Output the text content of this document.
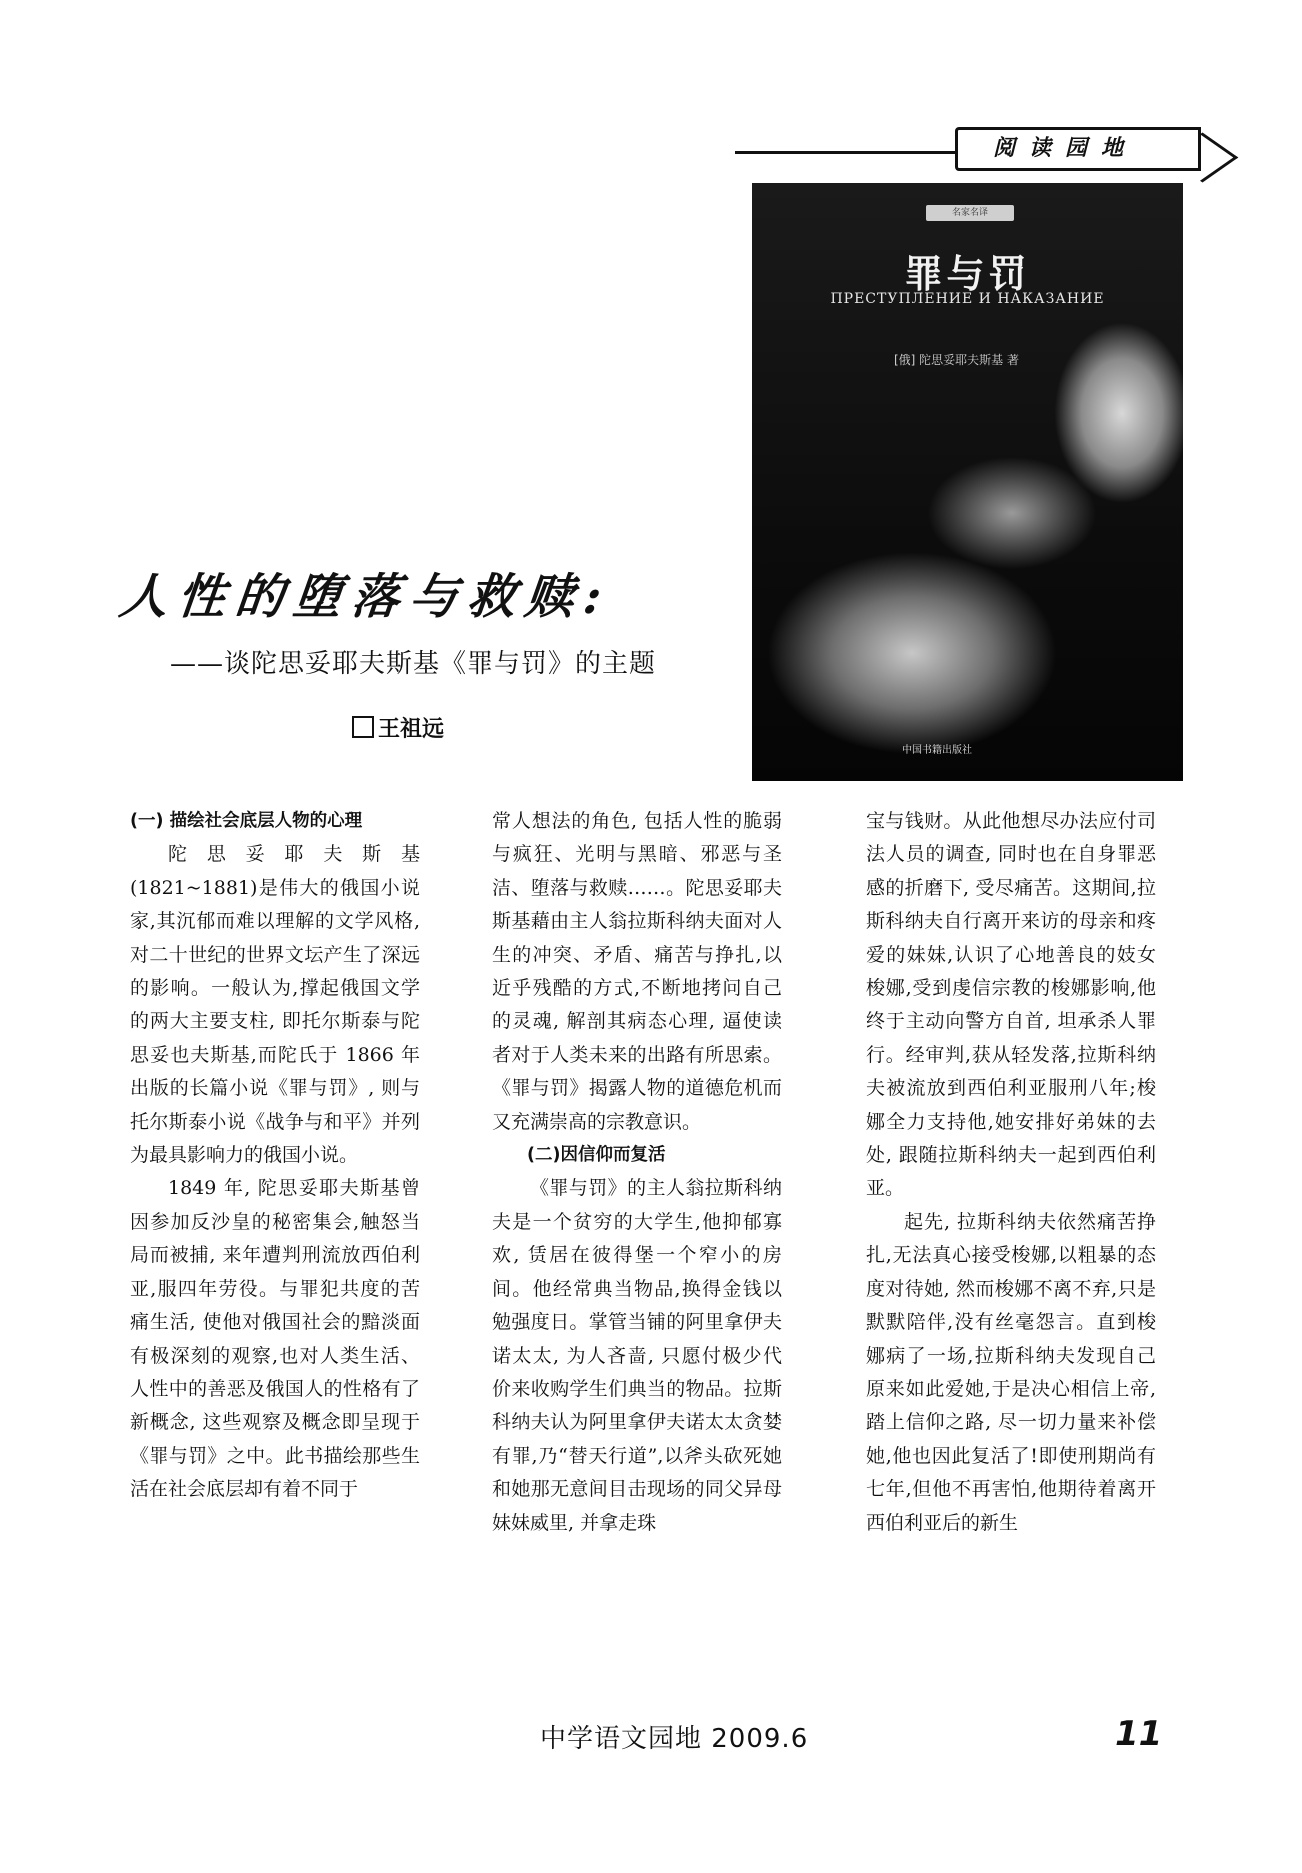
阅读园地
名家名译
罪与罚
ПРЕСТУПЛЕНИЕ И НАКАЗАНИЕ
[俄] 陀思妥耶夫斯基 著
中国书籍出版社
人性的堕落与救赎:
——谈陀思妥耶夫斯基《罪与罚》的主题
王祖远

(一) 描绘社会底层人物的心理

陀思妥耶夫斯基 (1821~1881)是伟大的俄国小说家,其沉郁而难以理解的文学风格,对二十世纪的世界文坛产生了深远的影响。一般认为,撑起俄国文学的两大主要支柱, 即托尔斯泰与陀思妥也夫斯基,而陀氏于 1866 年出版的长篇小说《罪与罚》, 则与托尔斯泰小说《战争与和平》并列为最具影响力的俄国小说。

1849 年, 陀思妥耶夫斯基曾因参加反沙皇的秘密集会,触怒当局而被捕, 来年遭判刑流放西伯利亚,服四年劳役。与罪犯共度的苦痛生活, 使他对俄国社会的黯淡面有极深刻的观察,也对人类生活、人性中的善恶及俄国人的性格有了新概念, 这些观察及概念即呈现于《罪与罚》之中。此书描绘那些生活在社会底层却有着不同于

常人想法的角色, 包括人性的脆弱与疯狂、光明与黑暗、邪恶与圣洁、堕落与救赎……。陀思妥耶夫斯基藉由主人翁拉斯科纳夫面对人生的冲突、矛盾、痛苦与挣扎,以近乎残酷的方式,不断地拷问自己的灵魂, 解剖其病态心理, 逼使读者对于人类未来的出路有所思索。《罪与罚》揭露人物的道德危机而又充满崇高的宗教意识。

(二)因信仰而复活

《罪与罚》的主人翁拉斯科纳夫是一个贫穷的大学生,他抑郁寡欢, 赁居在彼得堡一个窄小的房间。他经常典当物品,换得金钱以勉强度日。掌管当铺的阿里拿伊夫诺太太, 为人吝啬, 只愿付极少代价来收购学生们典当的物品。拉斯科纳夫认为阿里拿伊夫诺太太贪婪有罪,乃“替天行道”,以斧头砍死她和她那无意间目击现场的同父异母妹妹威里, 并拿走珠

宝与钱财。从此他想尽办法应付司法人员的调查, 同时也在自身罪恶感的折磨下, 受尽痛苦。这期间,拉斯科纳夫自行离开来访的母亲和疼爱的妹妹,认识了心地善良的妓女梭娜,受到虔信宗教的梭娜影响,他终于主动向警方自首, 坦承杀人罪行。经审判,获从轻发落,拉斯科纳夫被流放到西伯利亚服刑八年;梭娜全力支持他,她安排好弟妹的去处, 跟随拉斯科纳夫一起到西伯利亚。

起先, 拉斯科纳夫依然痛苦挣扎,无法真心接受梭娜,以粗暴的态度对待她, 然而梭娜不离不弃,只是默默陪伴,没有丝毫怨言。直到梭娜病了一场,拉斯科纳夫发现自己原来如此爱她,于是决心相信上帝,踏上信仰之路, 尽一切力量来补偿她,他也因此复活了!即使刑期尚有七年,但他不再害怕,他期待着离开西伯利亚后的新生

中学语文园地 2009.6	11
